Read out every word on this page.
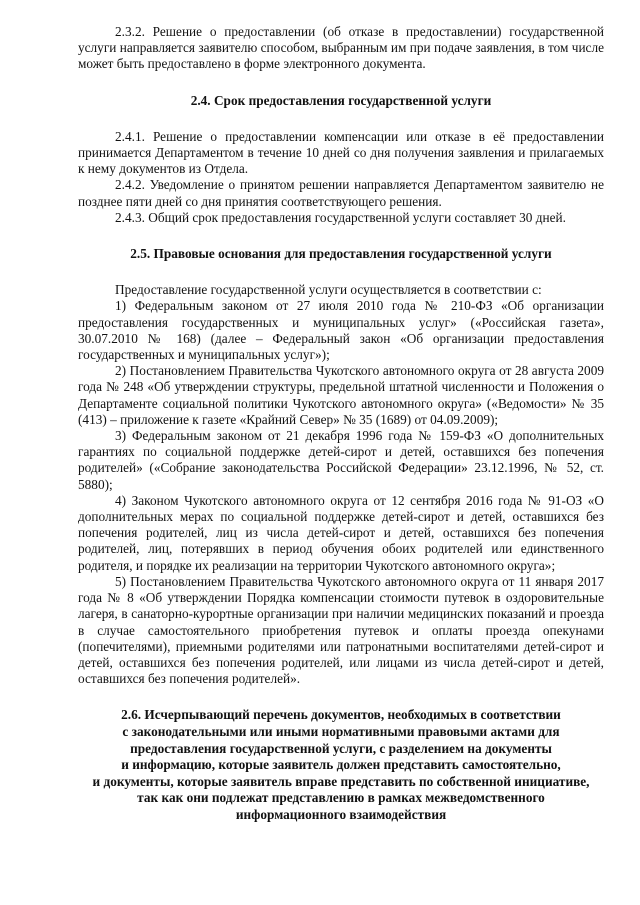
2.3.2. Решение о предоставлении (об отказе в предоставлении) государственной услуги направляется заявителю способом, выбранным им при подаче заявления, в том числе может быть предоставлено в форме электронного документа.

2.4. Срок предоставления государственной услуги

2.4.1. Решение о предоставлении компенсации или отказе в её предоставлении принимается Департаментом в течение 10 дней со дня получения заявления и прилагаемых к нему документов из Отдела.

2.4.2. Уведомление о принятом решении направляется Департаментом заявителю не позднее пяти дней со дня принятия соответствующего решения.

2.4.3. Общий срок предоставления государственной услуги составляет 30 дней.

2.5. Правовые основания для предоставления государственной услуги

Предоставление государственной услуги осуществляется в соответствии с:

1) Федеральным законом от 27 июля 2010 года № 210-ФЗ «Об организации предоставления государственных и муниципальных услуг» («Российская газета», 30.07.2010 № 168) (далее – Федеральный закон «Об организации предоставления государственных и муниципальных услуг»);

2) Постановлением Правительства Чукотского автономного округа от 28 августа 2009 года № 248 «Об утверждении структуры, предельной штатной численности и Положения о Департаменте социальной политики Чукотского автономного округа» («Ведомости» № 35 (413) – приложение к газете «Крайний Север» № 35 (1689) от 04.09.2009);

3) Федеральным законом от 21 декабря 1996 года № 159-ФЗ «О дополнительных гарантиях по социальной поддержке детей-сирот и детей, оставшихся без попечения родителей» («Собрание законодательства Российской Федерации» 23.12.1996, № 52, ст. 5880);

4) Законом Чукотского автономного округа от 12 сентября 2016 года № 91-ОЗ «О дополнительных мерах по социальной поддержке детей-сирот и детей, оставшихся без попечения родителей, лиц из числа детей-сирот и детей, оставшихся без попечения родителей, лиц, потерявших в период обучения обоих родителей или единственного родителя, и порядке их реализации на территории Чукотского автономного округа»;

5) Постановлением Правительства Чукотского автономного округа от 11 января 2017 года № 8 «Об утверждении Порядка компенсации стоимости путевок в оздоровительные лагеря, в санаторно-курортные организации при наличии медицинских показаний и проезда в случае самостоятельного приобретения путевок и оплаты проезда опекунами (попечителями), приемными родителями или патронатными воспитателями детей-сирот и детей, оставшихся без попечения родителей, или лицами из числа детей-сирот и детей, оставшихся без попечения родителей».

2.6. Исчерпывающий перечень документов, необходимых в соответствии

с законодательными или иными нормативными правовыми актами для

предоставления государственной услуги, с разделением на документы

и информацию, которые заявитель должен представить самостоятельно,

и документы, которые заявитель вправе представить по собственной инициативе,

так как они подлежат представлению в рамках межведомственного

информационного взаимодействия
